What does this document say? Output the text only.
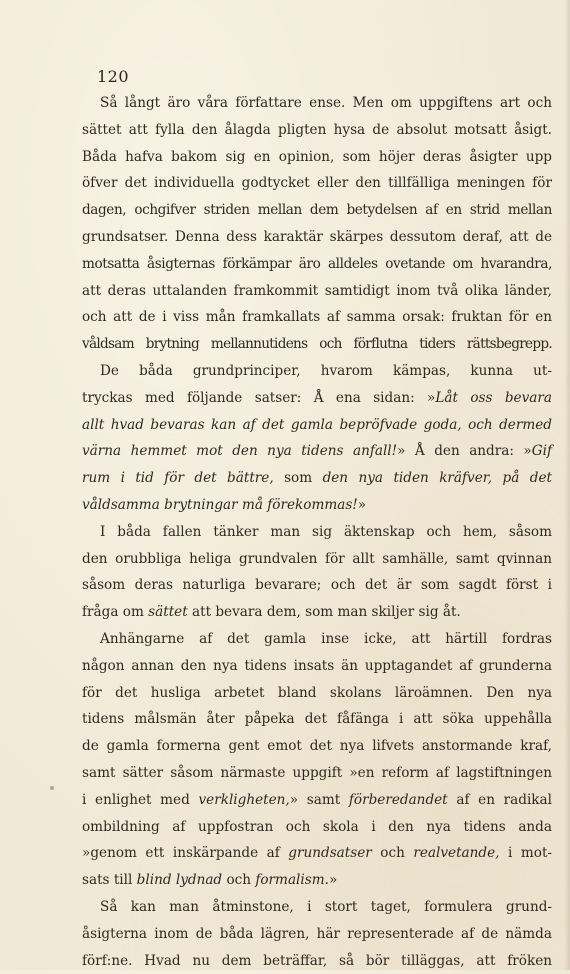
120
Så långt äro våra författare ense. Men om uppgiftens art och
sättet att fylla den ålagda pligten hysa de absolut motsatt åsigt.
Båda hafva bakom sig en opinion, som höjer deras åsigter upp
öfver det individuella godtycket eller den tillfälliga meningen för
dagen, ochgifver striden mellan dem betydelsen af en strid mellan
grundsatser. Denna dess karaktär skärpes dessutom deraf, att de
motsatta åsigternas förkämpar äro alldeles ovetande om hvarandra,
att deras uttalanden framkommit samtidigt inom två olika länder,
och att de i viss mån framkallats af samma orsak: fruktan för en
våldsam brytning mellannutidens och förflutna tiders rättsbegrepp.
De båda grundprinciper, hvarom kämpas, kunna ut-
tryckas med följande satser: Å ena sidan: »Låt oss bevara
allt hvad bevaras kan af det gamla bepröfvade goda, och dermed
värna hemmet mot den nya tidens anfall!» Å den andra: »Gif
rum i tid för det bättre, som den nya tiden kräfver, på det
våldsamma brytningar må förekommas!»
I båda fallen tänker man sig äktenskap och hem, såsom
den orubbliga heliga grundvalen för allt samhälle, samt qvinnan
såsom deras naturliga bevarare; och det är som sagdt först i
fråga om sättet att bevara dem, som man skiljer sig åt.
Anhängarne af det gamla inse icke, att härtill fordras
någon annan den nya tidens insats än upptagandet af grunderna
för det husliga arbetet bland skolans läroämnen. Den nya
tidens målsmän åter påpeka det fåfänga i att söka uppehålla
de gamla formerna gent emot det nya lifvets anstormande kraf,
samt sätter såsom närmaste uppgift »en reform af lagstiftningen
i enlighet med verkligheten,» samt förberedandet af en radikal
ombildning af uppfostran och skola i den nya tidens anda
»genom ett inskärpande af grundsatser och realvetande, i mot-
sats till blind lydnad och formalism.»
Så kan man åtminstone, i stort taget, formulera grund-
åsigterna inom de båda lägren, här representerade af de nämda
förf:ne. Hvad nu dem beträffar, så bör tilläggas, att fröken
